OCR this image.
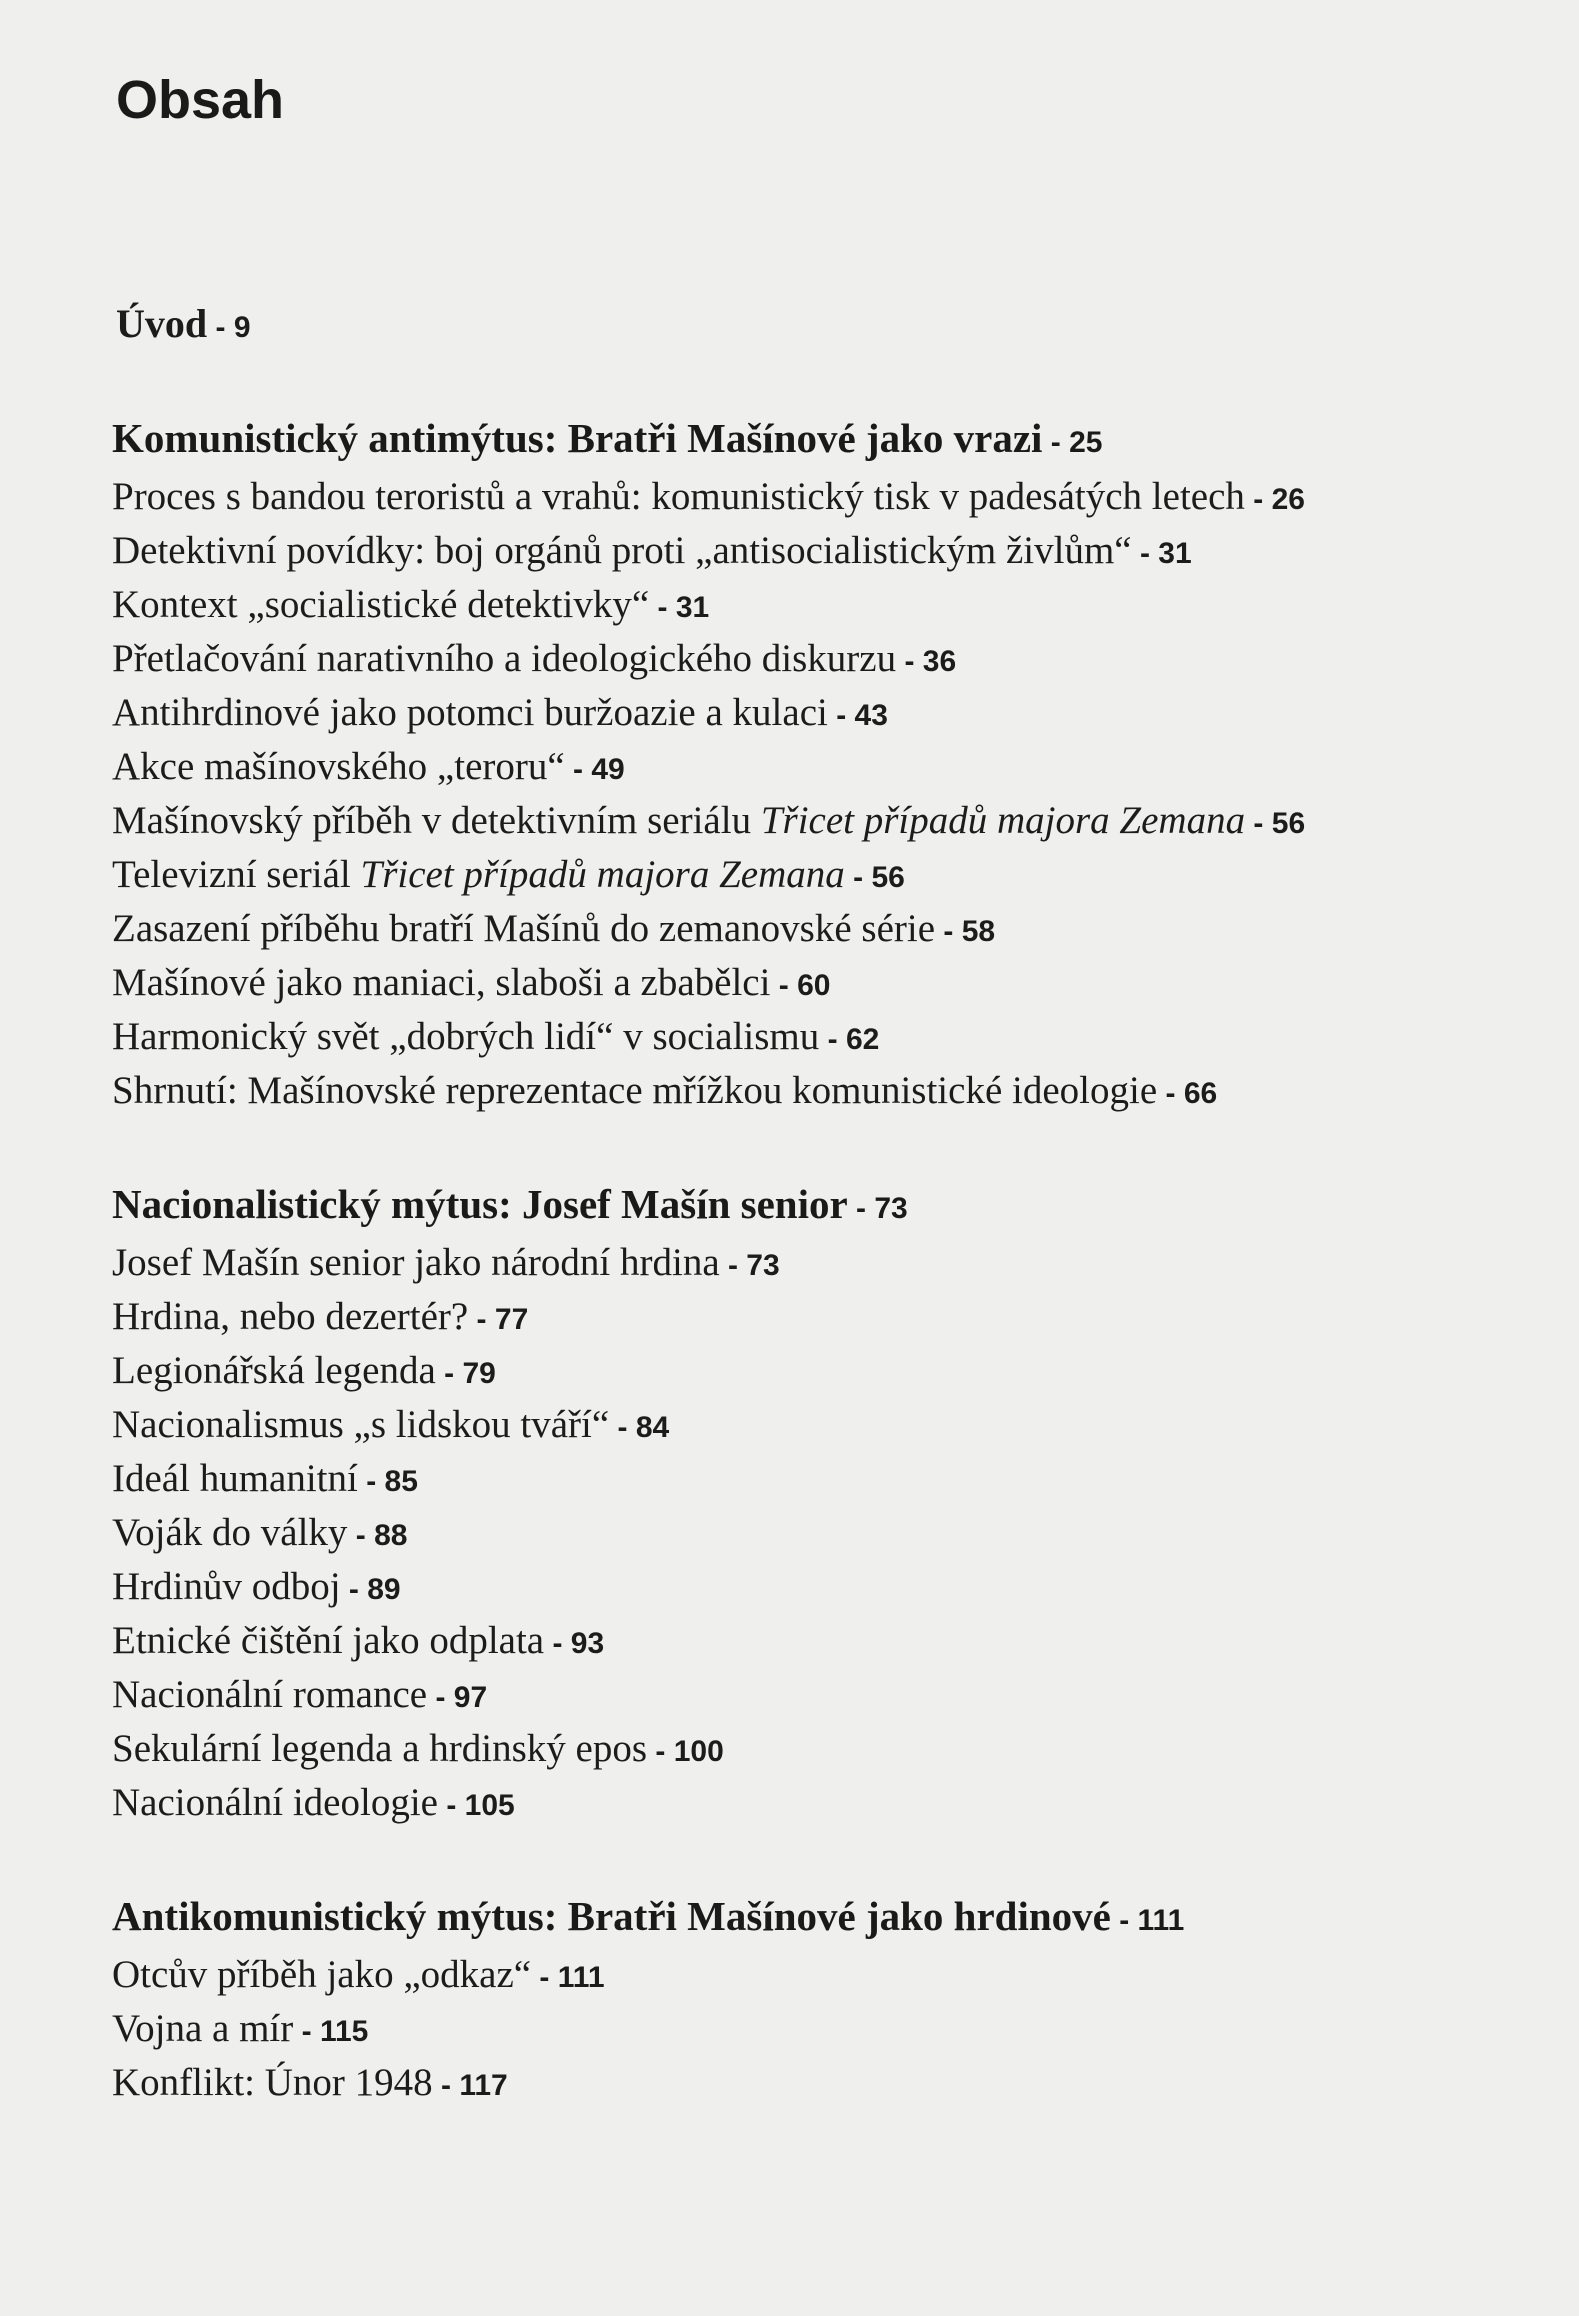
Obsah
Úvod - 9
Komunistický antimýtus: Bratři Mašínové jako vrazi - 25
Proces s bandou teroristů a vrahů: komunistický tisk v padesátých letech - 26
Detektivní povídky: boj orgánů proti „antisocialistickým živlům“ - 31
Kontext „socialistické detektivky“ - 31
Přetlačování narativního a ideologického diskurzu - 36
Antihrdinové jako potomci buržoazie a kulaci - 43
Akce mašínovského „teroru“ - 49
Mašínovský příběh v detektivním seriálu Třicet případů majora Zemana - 56
Televizní seriál Třicet případů majora Zemana - 56
Zasazení příběhu bratří Mašínů do zemanovské série - 58
Mašínové jako maniaci, slaboši a zbabělci - 60
Harmonický svět „dobrých lidí“ v socialismu - 62
Shrnutí: Mašínovské reprezentace mřížkou komunistické ideologie - 66
Nacionalistický mýtus: Josef Mašín senior - 73
Josef Mašín senior jako národní hrdina - 73
Hrdina, nebo dezertér? - 77
Legionářská legenda - 79
Nacionalismus „s lidskou tváří“ - 84
Ideál humanitní - 85
Voják do války - 88
Hrdinův odboj - 89
Etnické čištění jako odplata - 93
Nacionální romance - 97
Sekulární legenda a hrdinský epos - 100
Nacionální ideologie - 105
Antikomunistický mýtus: Bratři Mašínové jako hrdinové - 111
Otcův příběh jako „odkaz“ - 111
Vojna a mír - 115
Konflikt: Únor 1948 - 117
